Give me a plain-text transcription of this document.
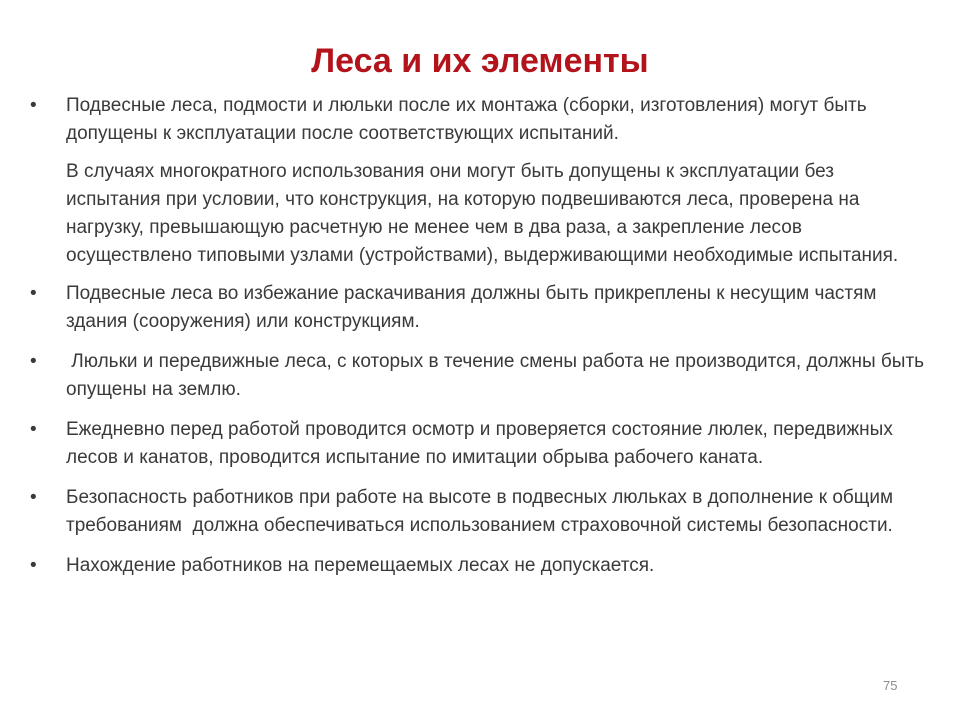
Леса и их элементы
• Подвесные леса, подмости и люльки после их монтажа (сборки, изготовления) могут быть допущены к эксплуатации после соответствующих испытаний.

В случаях многократного использования они могут быть допущены к эксплуатации без испытания при условии, что конструкция, на которую подвешиваются леса, проверена на нагрузку, превышающую расчетную не менее чем в два раза, а закрепление лесов осуществлено типовыми узлами (устройствами), выдерживающими необходимые испытания.

• Подвесные леса во избежание раскачивания должны быть прикреплены к несущим частям здания (сооружения) или конструкциям.

• Люльки и передвижные леса, с которых в течение смены работа не производится, должны быть опущены на землю.

• Ежедневно перед работой проводится осмотр и проверяется состояние люлек, передвижных лесов и канатов, проводится испытание по имитации обрыва рабочего каната.

• Безопасность работников при работе на высоте в подвесных люльках в дополнение к общим требованиям  должна обеспечиваться использованием страховочной системы безопасности.

• Нахождение работников на перемещаемых лесах не допускается.

75
